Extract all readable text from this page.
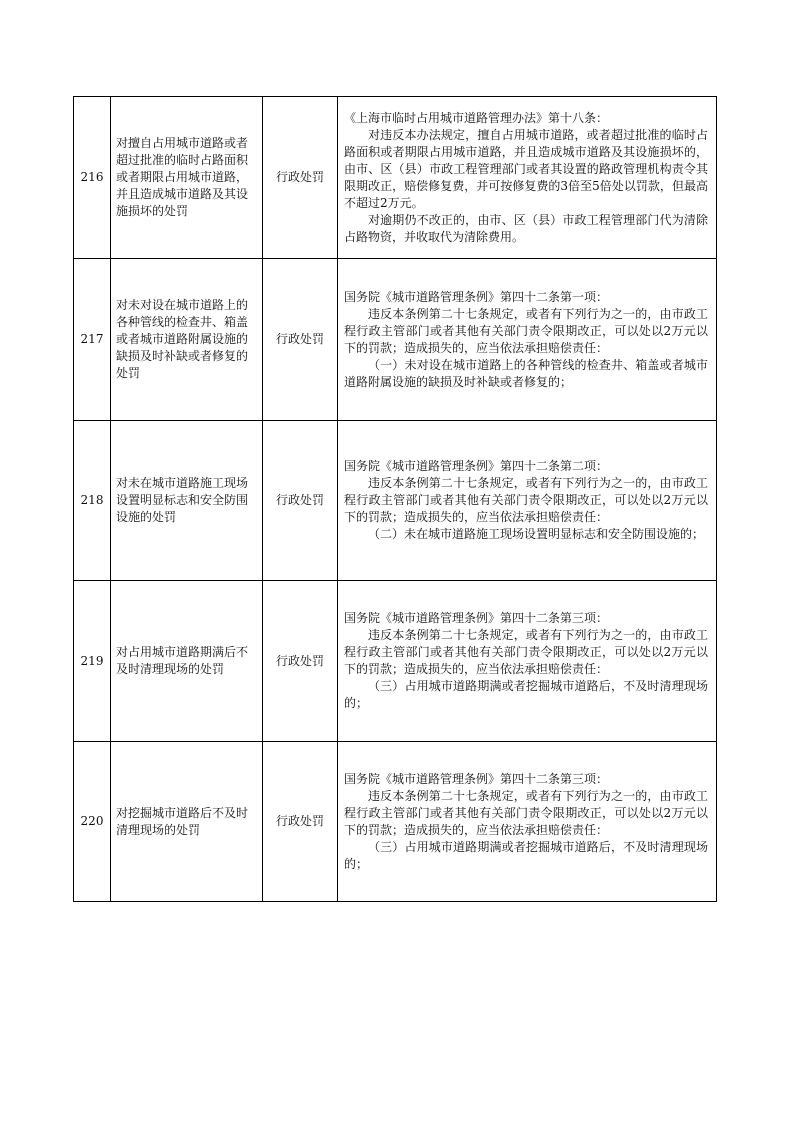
216	对擅自占用城市道路或者超过批准的临时占路面积或者期限占用城市道路，并且造成城市道路及其设施损坏的处罚	行政处罚	《上海市临时占用城市道路管理办法》第十八条：

对违反本办法规定，擅自占用城市道路，或者超过批准的临时占路面积或者期限占用城市道路，并且造成城市道路及其设施损坏的，由市、区（县）市政工程管理部门或者其设置的路政管理机构责令其限期改正，赔偿修复费，并可按修复费的3倍至5倍处以罚款，但最高不超过2万元。

对逾期仍不改正的，由市、区（县）市政工程管理部门代为清除占路物资，并收取代为清除费用。

217	对未对设在城市道路上的各种管线的检查井、箱盖或者城市道路附属设施的缺损及时补缺或者修复的处罚	行政处罚	国务院《城市道路管理条例》第四十二条第一项：

违反本条例第二十七条规定，或者有下列行为之一的，由市政工程行政主管部门或者其他有关部门责令限期改正，可以处以2万元以下的罚款；造成损失的，应当依法承担赔偿责任：

（一）未对设在城市道路上的各种管线的检查井、箱盖或者城市道路附属设施的缺损及时补缺或者修复的；

218	对未在城市道路施工现场设置明显标志和安全防围设施的处罚	行政处罚	国务院《城市道路管理条例》第四十二条第二项：

违反本条例第二十七条规定，或者有下列行为之一的，由市政工程行政主管部门或者其他有关部门责令限期改正，可以处以2万元以下的罚款；造成损失的，应当依法承担赔偿责任：

（二）未在城市道路施工现场设置明显标志和安全防围设施的；

219	对占用城市道路期满后不及时清理现场的处罚	行政处罚	国务院《城市道路管理条例》第四十二条第三项：

违反本条例第二十七条规定，或者有下列行为之一的，由市政工程行政主管部门或者其他有关部门责令限期改正，可以处以2万元以下的罚款；造成损失的，应当依法承担赔偿责任：

（三）占用城市道路期满或者挖掘城市道路后，不及时清理现场的；

220	对挖掘城市道路后不及时清理现场的处罚	行政处罚	国务院《城市道路管理条例》第四十二条第三项：

违反本条例第二十七条规定，或者有下列行为之一的，由市政工程行政主管部门或者其他有关部门责令限期改正，可以处以2万元以下的罚款；造成损失的，应当依法承担赔偿责任：

（三）占用城市道路期满或者挖掘城市道路后，不及时清理现场的；
